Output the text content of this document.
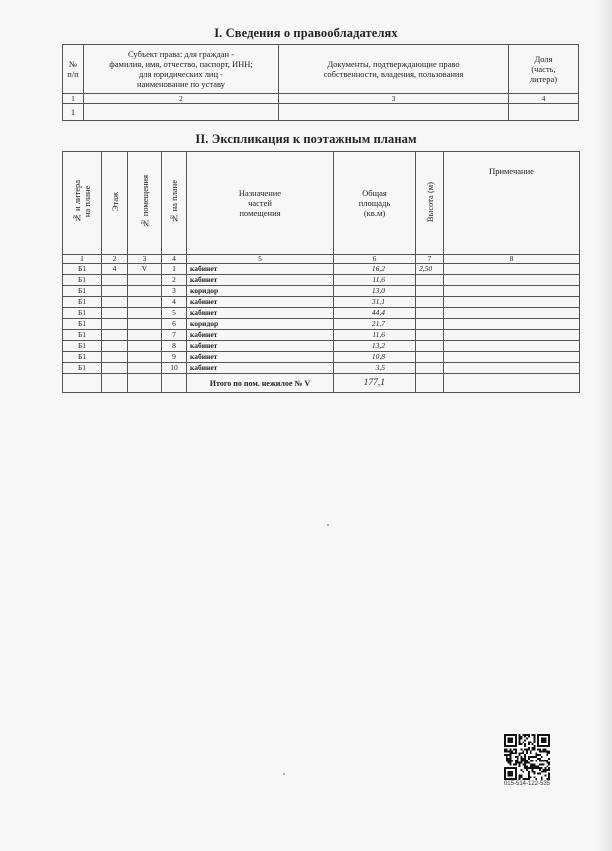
I. Сведения о правообладателях
№
п/п	Субъект права: для граждан -
фамилия, имя, отчество, паспорт, ИНН;
для юридических лиц -
наименование по уставу	Документы, подтверждающие право
собственности, владения, пользования	Доля
(часть,
литера)
1	2	3	4
1			
II. Экспликация к поэтажным планам
№ и литера
на плане	Этаж	№ помещения	№ на плане	Назначение
частей
помещения	Общая
площадь
(кв.м)	Высота (м)	Примечание
1	2	3	4	5	6	7	8
Б1	4	V	1	кабинет	16,2	2,50	
Б1			2	кабинет	11,6		
Б1			3	коридор	13,0		
Б1			4	кабинет	31,1		
Б1			5	кабинет	44,4		
Б1			6	коридор	21,7		
Б1			7	кабинет	11,6		
Б1			8	кабинет	13,2		
Б1			9	кабинет	10,8		
Б1			10	кабинет	3,5		
				Итого по пом. нежилое № V	177,1		
015-514-122-535
